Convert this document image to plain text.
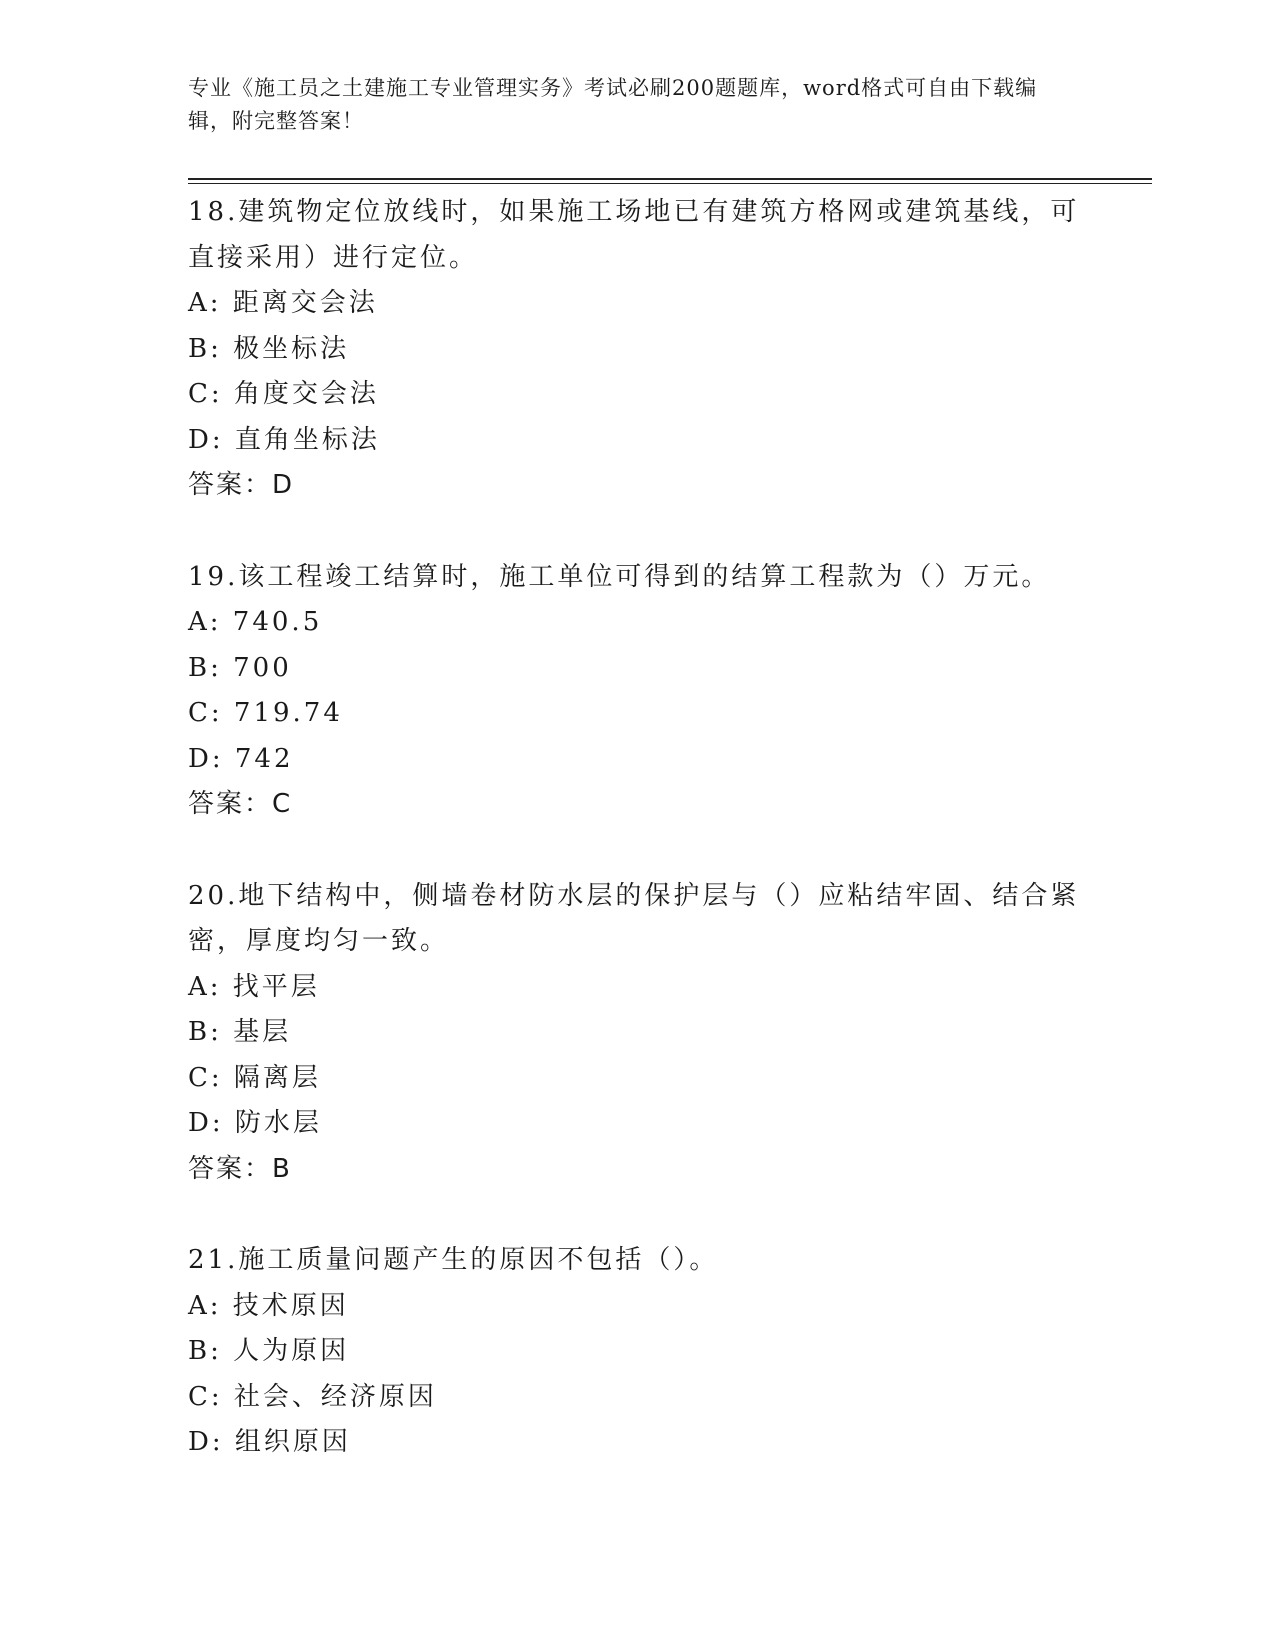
专业《施工员之土建施工专业管理实务》考试必刷200题题库，word格式可自由下载编辑，附完整答案！
18.建筑物定位放线时，如果施工场地已有建筑方格网或建筑基线，可直接采用）进行定位。
A: 距离交会法
B: 极坐标法
C: 角度交会法
D: 直角坐标法
答案：D
19.该工程竣工结算时，施工单位可得到的结算工程款为（）万元。
A: 740.5
B: 700
C: 719.74
D: 742
答案：C
20.地下结构中，侧墙卷材防水层的保护层与（）应粘结牢固、结合紧密，厚度均匀一致。
A: 找平层
B: 基层
C: 隔离层
D: 防水层
答案：B
21.施工质量问题产生的原因不包括（）。
A: 技术原因
B: 人为原因
C: 社会、经济原因
D: 组织原因
